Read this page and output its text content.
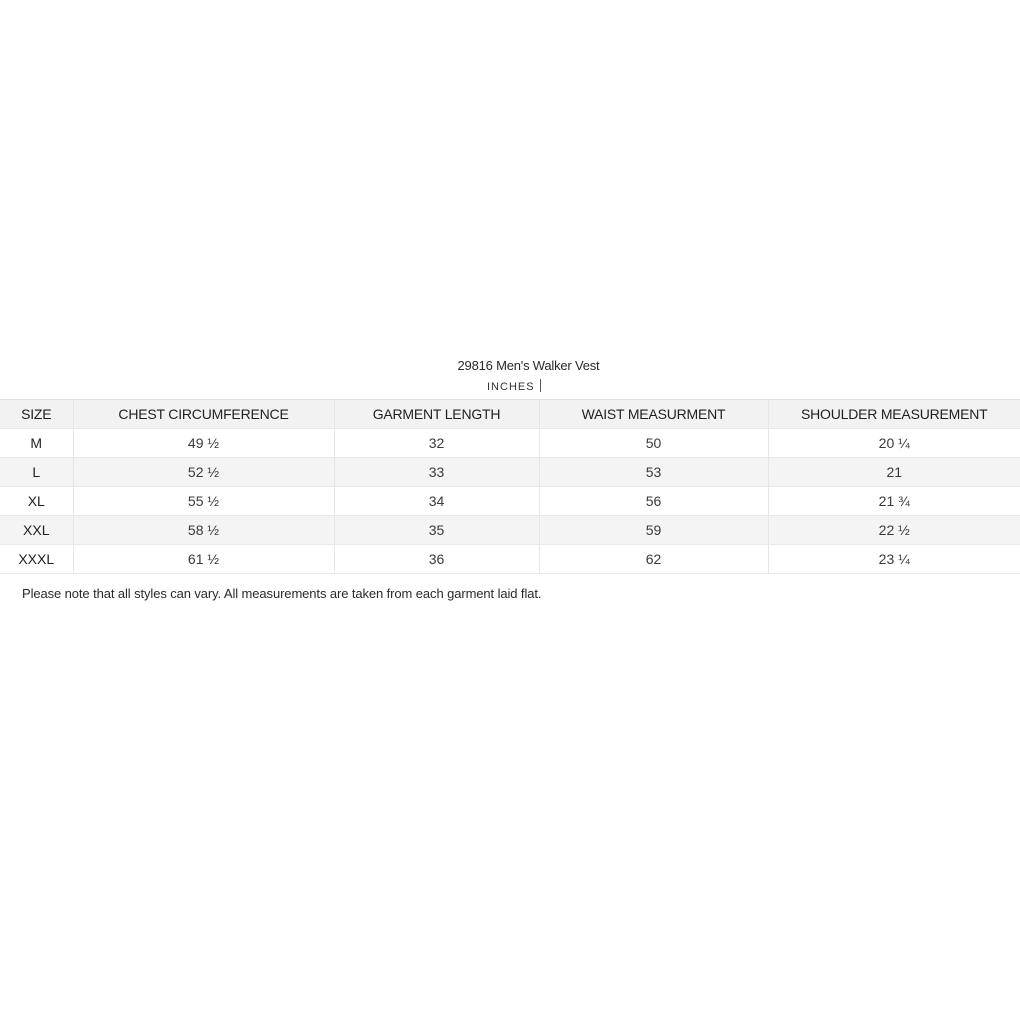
29816 Men's Walker Vest
INCHES
SIZE	CHEST CIRCUMFERENCE	GARMENT LENGTH	WAIST MEASURMENT	SHOULDER MEASUREMENT
M	49 ½	32	50	20 ¼
L	52 ½	33	53	21
XL	55 ½	34	56	21 ¾
XXL	58 ½	35	59	22 ½
XXXL	61 ½	36	62	23 ¼
Please note that all styles can vary. All measurements are taken from each garment laid flat.
